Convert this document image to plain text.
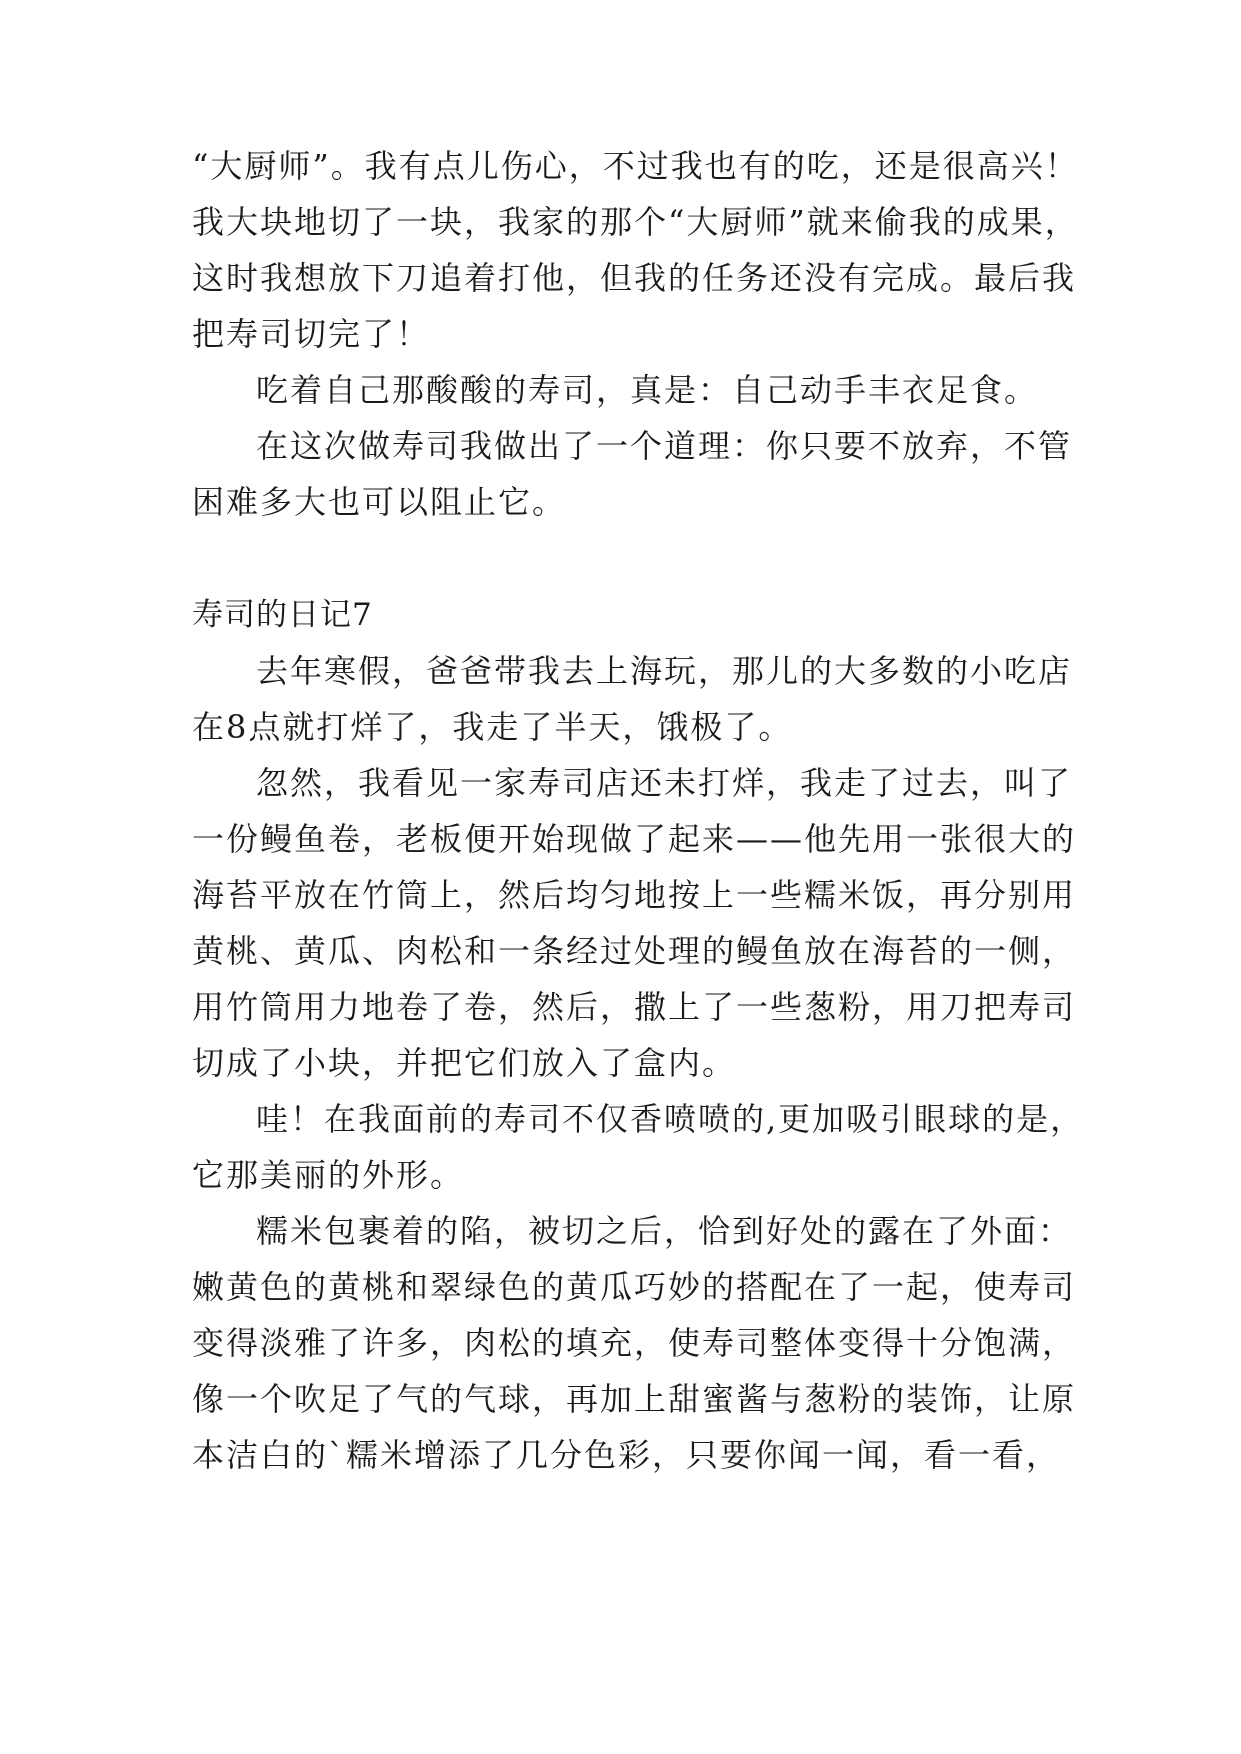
“大厨师”。我有点儿伤心，不过我也有的吃，还是很高兴！
我大块地切了一块，我家的那个“大厨师”就来偷我的成果，
这时我想放下刀追着打他，但我的任务还没有完成。最后我
把寿司切完了！
吃着自己那酸酸的寿司，真是：自己动手丰衣足食。
在这次做寿司我做出了一个道理：你只要不放弃，不管
困难多大也可以阻止它。
寿司的日记7
去年寒假，爸爸带我去上海玩，那儿的大多数的小吃店
在8点就打烊了，我走了半天，饿极了。
忽然，我看见一家寿司店还未打烊，我走了过去，叫了
一份鳗鱼卷，老板便开始现做了起来——他先用一张很大的
海苔平放在竹筒上，然后均匀地按上一些糯米饭，再分别用
黄桃、黄瓜、肉松和一条经过处理的鳗鱼放在海苔的一侧，
用竹筒用力地卷了卷，然后，撒上了一些葱粉，用刀把寿司
切成了小块，并把它们放入了盒内。
哇！在我面前的寿司不仅香喷喷的,更加吸引眼球的是，
它那美丽的外形。
糯米包裹着的陷，被切之后，恰到好处的露在了外面：
嫩黄色的黄桃和翠绿色的黄瓜巧妙的搭配在了一起，使寿司
变得淡雅了许多，肉松的填充，使寿司整体变得十分饱满，
像一个吹足了气的气球，再加上甜蜜酱与葱粉的装饰，让原
本洁白的`糯米增添了几分色彩，只要你闻一闻，看一看，
